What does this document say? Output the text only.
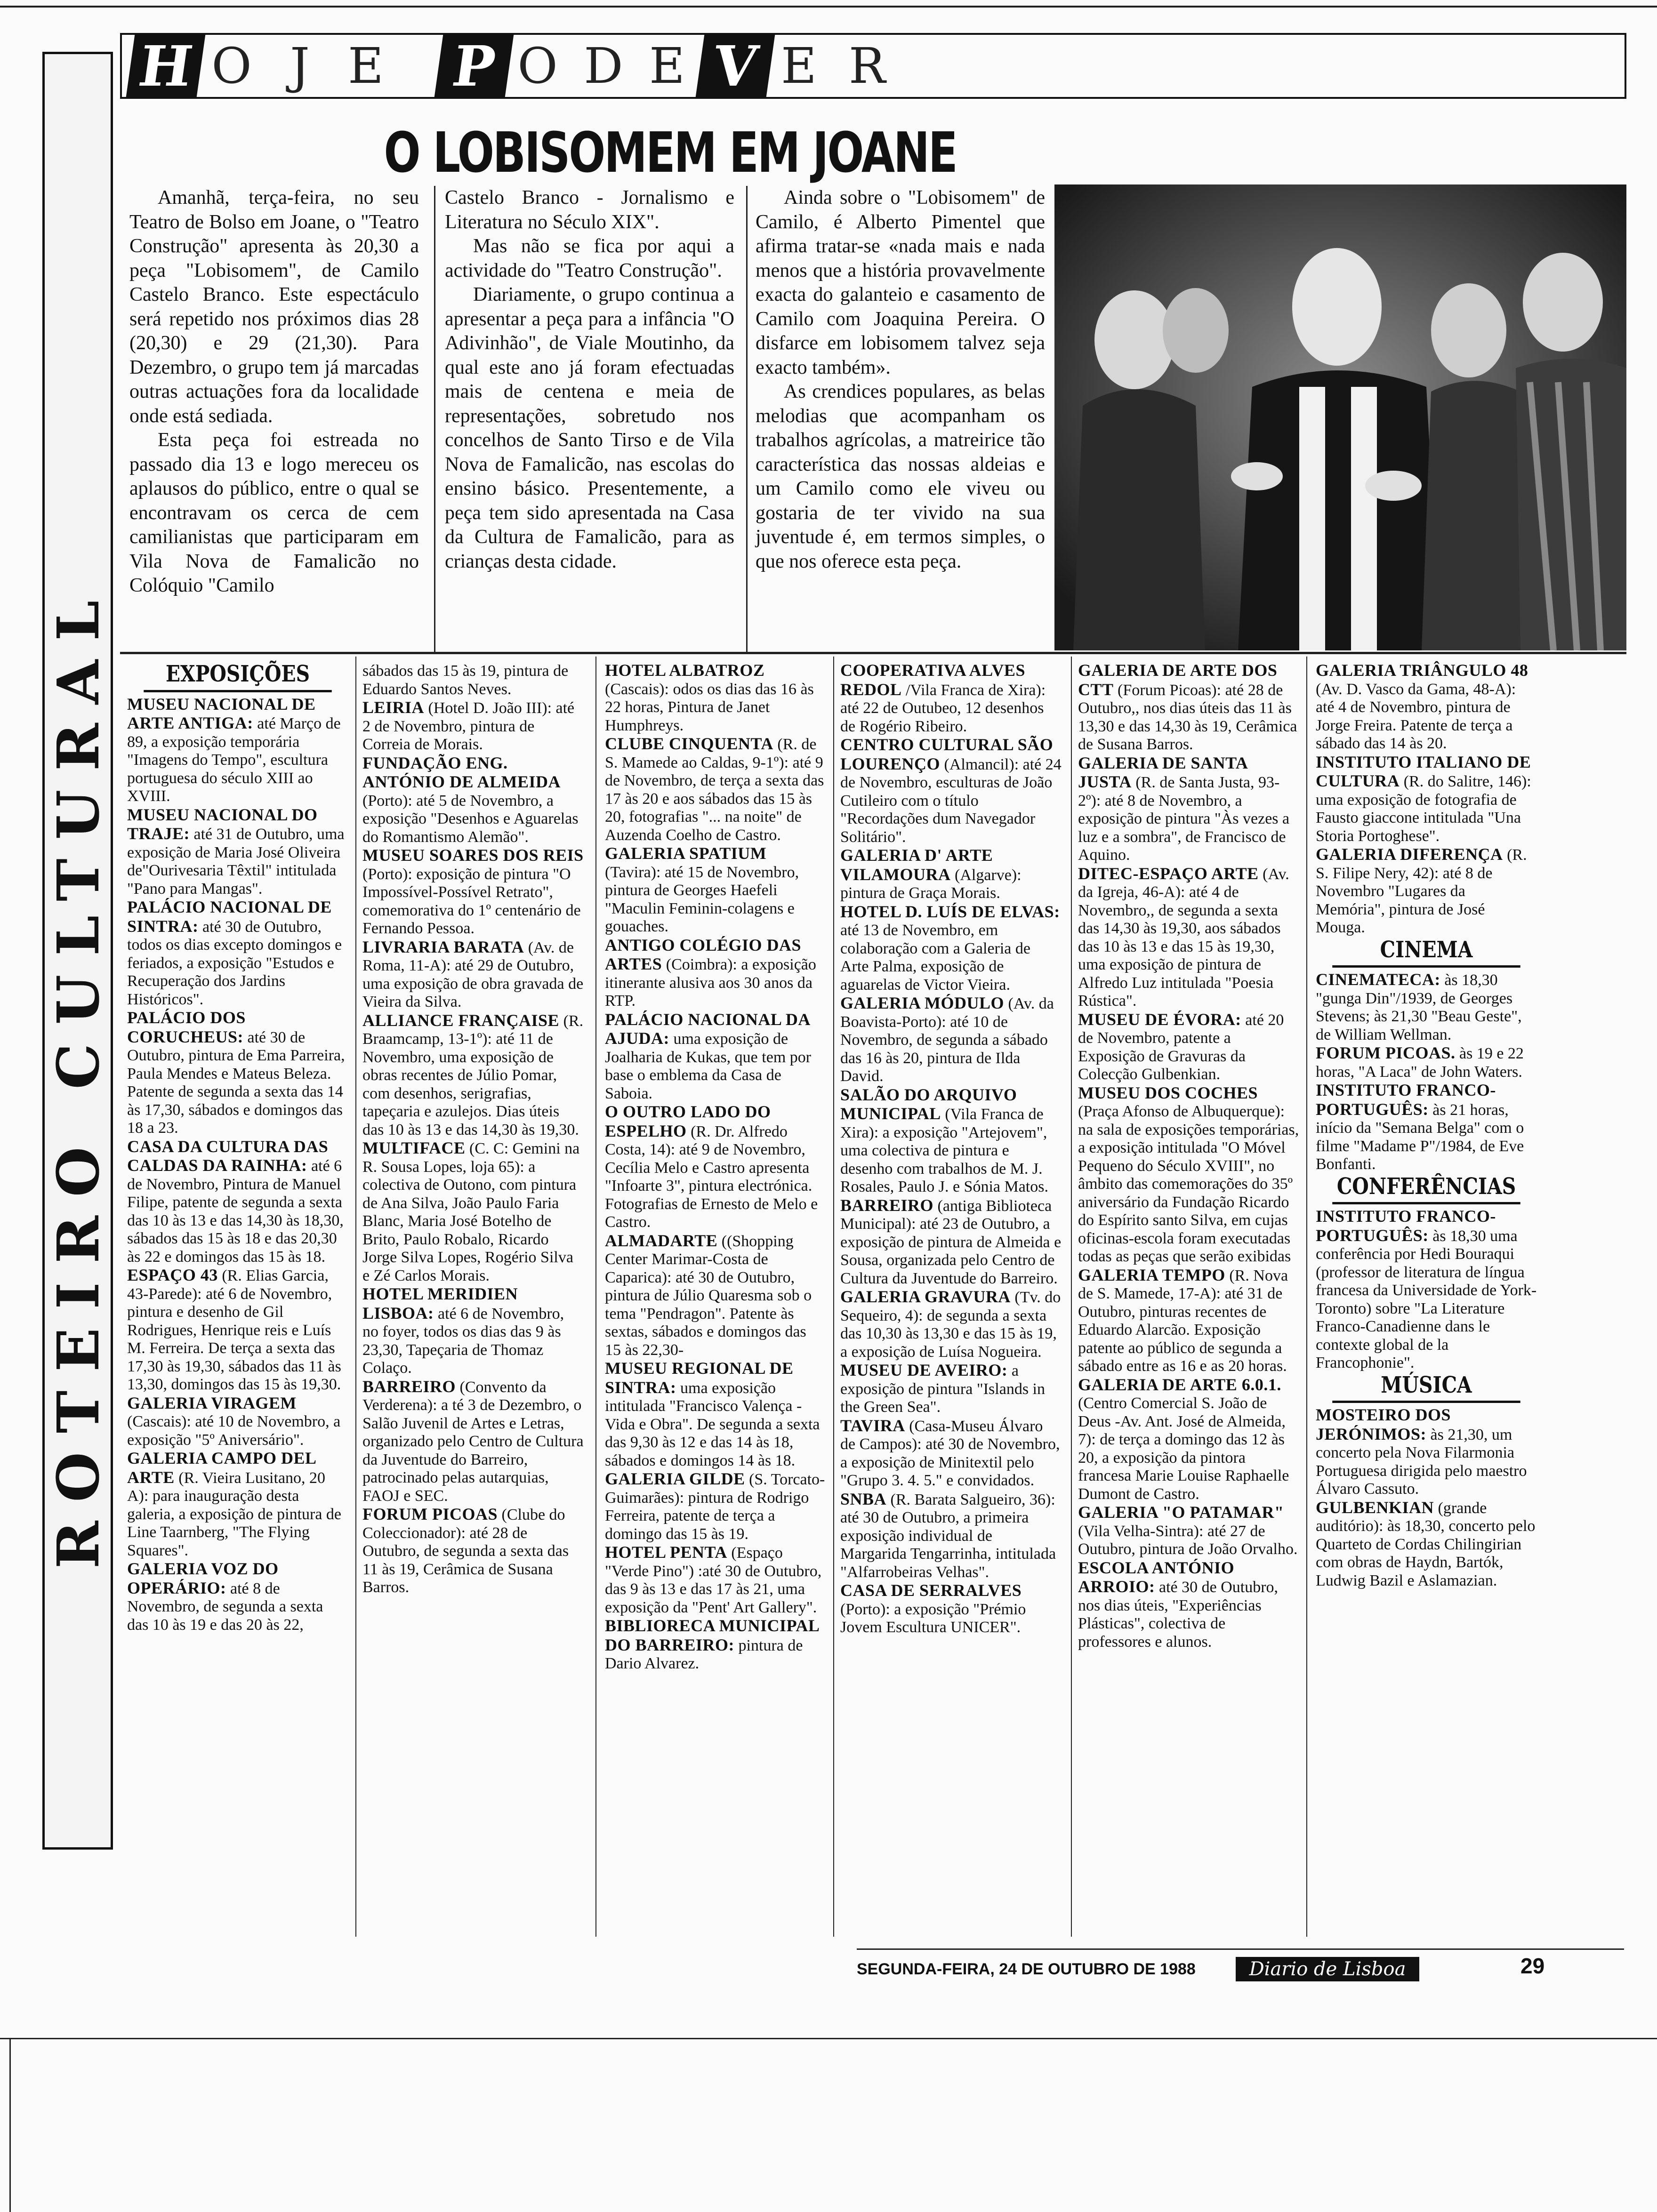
ROTEIRO CULTURAL
H O J E P O D E V E R
O LOBISOMEM EM JOANE

Amanhã, terça-feira, no seu Teatro de Bolso em Joane, o "Teatro Construção" apresenta às 20,30 a peça "Lobisomem", de Camilo Castelo Branco. Este espectáculo será repetido nos próximos dias 28 (20,30) e 29 (21,30). Para Dezembro, o grupo tem já marcadas outras actuações fora da localidade onde está sediada.

Esta peça foi estreada no passado dia 13 e logo mereceu os aplausos do público, entre o qual se encontravam os cerca de cem camilianistas que participaram em Vila Nova de Famalicão no Colóquio "Camilo

Castelo Branco - Jornalismo e Literatura no Século XIX".

Mas não se fica por aqui a actividade do "Teatro Construção".

Diariamente, o grupo continua a apresentar a peça para a infância "O Adivinhão", de Viale Moutinho, da qual este ano já foram efectuadas mais de centena e meia de representações, sobretudo nos concelhos de Santo Tirso e de Vila Nova de Famalicão, nas escolas do ensino básico. Presentemente, a peça tem sido apresentada na Casa da Cultura de Famalicão, para as crianças desta cidade.

Ainda sobre o "Lobisomem" de Camilo, é Alberto Pimentel que afirma tratar-se «nada mais e nada menos que a história provavelmente exacta do galanteio e casamento de Camilo com Joaquina Pereira. O disfarce em lobisomem talvez seja exacto também».

As crendices populares, as belas melodias que acompanham os trabalhos agrícolas, a matreirice tão característica das nossas aldeias e um Camilo como ele viveu ou gostaria de ter vivido na sua juventude é, em termos simples, o que nos oferece esta peça.

EXPOSIÇÕES
MUSEU NACIONAL DE ARTE ANTIGA: até Março de 89, a exposição temporária "Imagens do Tempo", escultura portuguesa do século XIII ao XVIII.
MUSEU NACIONAL DO TRAJE: até 31 de Outubro, uma exposição de Maria José Oliveira de"Ourivesaria Têxtil" intitulada "Pano para Mangas".
PALÁCIO NACIONAL DE SINTRA: até 30 de Outubro, todos os dias excepto domingos e feriados, a exposição "Estudos e Recuperação dos Jardins Históricos".
PALÁCIO DOS CORUCHEUS: até 30 de Outubro, pintura de Ema Parreira, Paula Mendes e Mateus Beleza. Patente de segunda a sexta das 14 às 17,30, sábados e domingos das 18 a 23.
CASA DA CULTURA DAS CALDAS DA RAINHA: até 6 de Novembro, Pintura de Manuel Filipe, patente de segunda a sexta das 10 às 13 e das 14,30 às 18,30, sábados das 15 às 18 e das 20,30 às 22 e domingos das 15 às 18.
ESPAÇO 43 (R. Elias Garcia, 43-Parede): até 6 de Novembro, pintura e desenho de Gil Rodrigues, Henrique reis e Luís M. Ferreira. De terça a sexta das 17,30 às 19,30, sábados das 11 às 13,30, domingos das 15 às 19,30.
GALERIA VIRAGEM (Cascais): até 10 de Novembro, a exposição "5º Aniversário".
GALERIA CAMPO DEL ARTE (R. Vieira Lusitano, 20 A): para inauguração desta galeria, a exposição de pintura de Line Taarnberg, "The Flying Squares".
GALERIA VOZ DO OPERÁRIO: até 8 de Novembro, de segunda a sexta das 10 às 19 e das 20 às 22,
sábados das 15 às 19, pintura de Eduardo Santos Neves.
LEIRIA (Hotel D. João III): até 2 de Novembro, pintura de Correia de Morais.
FUNDAÇÃO ENG. ANTÓNIO DE ALMEIDA (Porto): até 5 de Novembro, a exposição "Desenhos e Aguarelas do Romantismo Alemão".
MUSEU SOARES DOS REIS (Porto): exposição de pintura "O Impossível-Possível Retrato", comemorativa do 1º centenário de Fernando Pessoa.
LIVRARIA BARATA (Av. de Roma, 11-A): até 29 de Outubro, uma exposição de obra gravada de Vieira da Silva.
ALLIANCE FRANÇAISE (R. Braamcamp, 13-1º): até 11 de Novembro, uma exposição de obras recentes de Júlio Pomar, com desenhos, serigrafias, tapeçaria e azulejos. Dias úteis das 10 às 13 e das 14,30 às 19,30.
MULTIFACE (C. C: Gemini na R. Sousa Lopes, loja 65): a colectiva de Outono, com pintura de Ana Silva, João Paulo Faria Blanc, Maria José Botelho de Brito, Paulo Robalo, Ricardo Jorge Silva Lopes, Rogério Silva e Zé Carlos Morais.
HOTEL MERIDIEN LISBOA: até 6 de Novembro, no foyer, todos os dias das 9 às 23,30, Tapeçaria de Thomaz Colaço.
BARREIRO (Convento da Verderena): a té 3 de Dezembro, o Salão Juvenil de Artes e Letras, organizado pelo Centro de Cultura da Juventude do Barreiro, patrocinado pelas autarquias, FAOJ e SEC.
FORUM PICOAS (Clube do Coleccionador): até 28 de Outubro, de segunda a sexta das 11 às 19, Cerâmica de Susana Barros.
HOTEL ALBATROZ (Cascais): odos os dias das 16 às 22 horas, Pintura de Janet Humphreys.
CLUBE CINQUENTA (R. de S. Mamede ao Caldas, 9-1º): até 9 de Novembro, de terça a sexta das 17 às 20 e aos sábados das 15 às 20, fotografias "... na noite" de Auzenda Coelho de Castro.
GALERIA SPATIUM (Tavira): até 15 de Novembro, pintura de Georges Haefeli "Maculin Feminin-colagens e gouaches.
ANTIGO COLÉGIO DAS ARTES (Coimbra): a exposição itinerante alusiva aos 30 anos da RTP.
PALÁCIO NACIONAL DA AJUDA: uma exposição de Joalharia de Kukas, que tem por base o emblema da Casa de Saboia.
O OUTRO LADO DO ESPELHO (R. Dr. Alfredo Costa, 14): até 9 de Novembro, Cecília Melo e Castro apresenta "Infoarte 3", pintura electrónica. Fotografias de Ernesto de Melo e Castro.
ALMADARTE ((Shopping Center Marimar-Costa de Caparica): até 30 de Outubro, pintura de Júlio Quaresma sob o tema "Pendragon". Patente às sextas, sábados e domingos das 15 às 22,30-
MUSEU REGIONAL DE SINTRA: uma exposição intitulada "Francisco Valença - Vida e Obra". De segunda a sexta das 9,30 às 12 e das 14 às 18, sábados e domingos 14 às 18.
GALERIA GILDE (S. Torcato-Guimarães): pintura de Rodrigo Ferreira, patente de terça a domingo das 15 às 19.
HOTEL PENTA (Espaço "Verde Pino") :até 30 de Outubro, das 9 às 13 e das 17 às 21, uma exposição da "Pent' Art Gallery".
BIBLIORECA MUNICIPAL DO BARREIRO: pintura de Dario Alvarez.
COOPERATIVA ALVES REDOL /Vila Franca de Xira): até 22 de Outubeo, 12 desenhos de Rogério Ribeiro.
CENTRO CULTURAL SÃO LOURENÇO (Almancil): até 24 de Novembro, esculturas de João Cutileiro com o título "Recordações dum Navegador Solitário".
GALERIA D' ARTE VILAMOURA (Algarve): pintura de Graça Morais.
HOTEL D. LUÍS DE ELVAS: até 13 de Novembro, em colaboração com a Galeria de Arte Palma, exposição de aguarelas de Victor Vieira.
GALERIA MÓDULO (Av. da Boavista-Porto): até 10 de Novembro, de segunda a sábado das 16 às 20, pintura de Ilda David.
SALÃO DO ARQUIVO MUNICIPAL (Vila Franca de Xira): a exposição "Artejovem", uma colectiva de pintura e desenho com trabalhos de M. J. Rosales, Paulo J. e Sónia Matos.
BARREIRO (antiga Biblioteca Municipal): até 23 de Outubro, a exposição de pintura de Almeida e Sousa, organizada pelo Centro de Cultura da Juventude do Barreiro.
GALERIA GRAVURA (Tv. do Sequeiro, 4): de segunda a sexta das 10,30 às 13,30 e das 15 às 19, a exposição de Luísa Nogueira.
MUSEU DE AVEIRO: a exposição de pintura "Islands in the Green Sea".
TAVIRA (Casa-Museu Álvaro de Campos): até 30 de Novembro, a exposição de Minitextil pelo "Grupo 3. 4. 5." e convidados.
SNBA (R. Barata Salgueiro, 36): até 30 de Outubro, a primeira exposição individual de Margarida Tengarrinha, intitulada "Alfarrobeiras Velhas".
CASA DE SERRALVES (Porto): a exposição "Prémio Jovem Escultura UNICER".
GALERIA DE ARTE DOS CTT (Forum Picoas): até 28 de Outubro,, nos dias úteis das 11 às 13,30 e das 14,30 às 19, Cerâmica de Susana Barros.
GALERIA DE SANTA JUSTA (R. de Santa Justa, 93-2º): até 8 de Novembro, a exposição de pintura "Às vezes a luz e a sombra", de Francisco de Aquino.
DITEC-ESPAÇO ARTE (Av. da Igreja, 46-A): até 4 de Novembro,, de segunda a sexta das 14,30 às 19,30, aos sábados das 10 às 13 e das 15 às 19,30, uma exposição de pintura de Alfredo Luz intitulada "Poesia Rústica".
MUSEU DE ÉVORA: até 20 de Novembro, patente a Exposição de Gravuras da Colecção Gulbenkian.
MUSEU DOS COCHES (Praça Afonso de Albuquerque): na sala de exposições temporárias, a exposição intitulada "O Móvel Pequeno do Século XVIII", no âmbito das comemorações do 35º aniversário da Fundação Ricardo do Espírito santo Silva, em cujas oficinas-escola foram executadas todas as peças que serão exibidas
GALERIA TEMPO (R. Nova de S. Mamede, 17-A): até 31 de Outubro, pinturas recentes de Eduardo Alarcão. Exposição patente ao público de segunda a sábado entre as 16 e as 20 horas.
GALERIA DE ARTE 6.0.1. (Centro Comercial S. João de Deus -Av. Ant. José de Almeida, 7): de terça a domingo das 12 às 20, a exposição da pintora francesa Marie Louise Raphaelle Dumont de Castro.
GALERIA "O PATAMAR" (Vila Velha-Sintra): até 27 de Outubro, pintura de João Orvalho.
ESCOLA ANTÓNIO ARROIO: até 30 de Outubro, nos dias úteis, "Experiências Plásticas", colectiva de professores e alunos.
GALERIA TRIÂNGULO 48 (Av. D. Vasco da Gama, 48-A): até 4 de Novembro, pintura de Jorge Freira. Patente de terça a sábado das 14 às 20.
INSTITUTO ITALIANO DE CULTURA (R. do Salitre, 146): uma exposição de fotografia de Fausto giaccone intitulada "Una Storia Portoghese".
GALERIA DIFERENÇA (R. S. Filipe Nery, 42): até 8 de Novembro "Lugares da Memória", pintura de José Mouga.
CINEMA
CINEMATECA: às 18,30 "gunga Din"/1939, de Georges Stevens; às 21,30 "Beau Geste", de William Wellman.
FORUM PICOAS. às 19 e 22 horas, "A Laca" de John Waters.
INSTITUTO FRANCO-PORTUGUÊS: às 21 horas, início da "Semana Belga" com o filme "Madame P"/1984, de Eve Bonfanti.
CONFERÊNCIAS
INSTITUTO FRANCO-PORTUGUÊS: às 18,30 uma conferência por Hedi Bouraqui (professor de literatura de língua francesa da Universidade de York-Toronto) sobre "La Literature Franco-Canadienne dans le contexte global de la Francophonie".
MÚSICA
MOSTEIRO DOS JERÓNIMOS: às 21,30, um concerto pela Nova Filarmonia Portuguesa dirigida pelo maestro Álvaro Cassuto.
GULBENKIAN (grande auditório): às 18,30, concerto pelo Quarteto de Cordas Chilingirian com obras de Haydn, Bartók, Ludwig Bazil e Aslamazian.
SEGUNDA-FEIRA, 24 DE OUTUBRO DE 1988	Diario de Lisboa	29
